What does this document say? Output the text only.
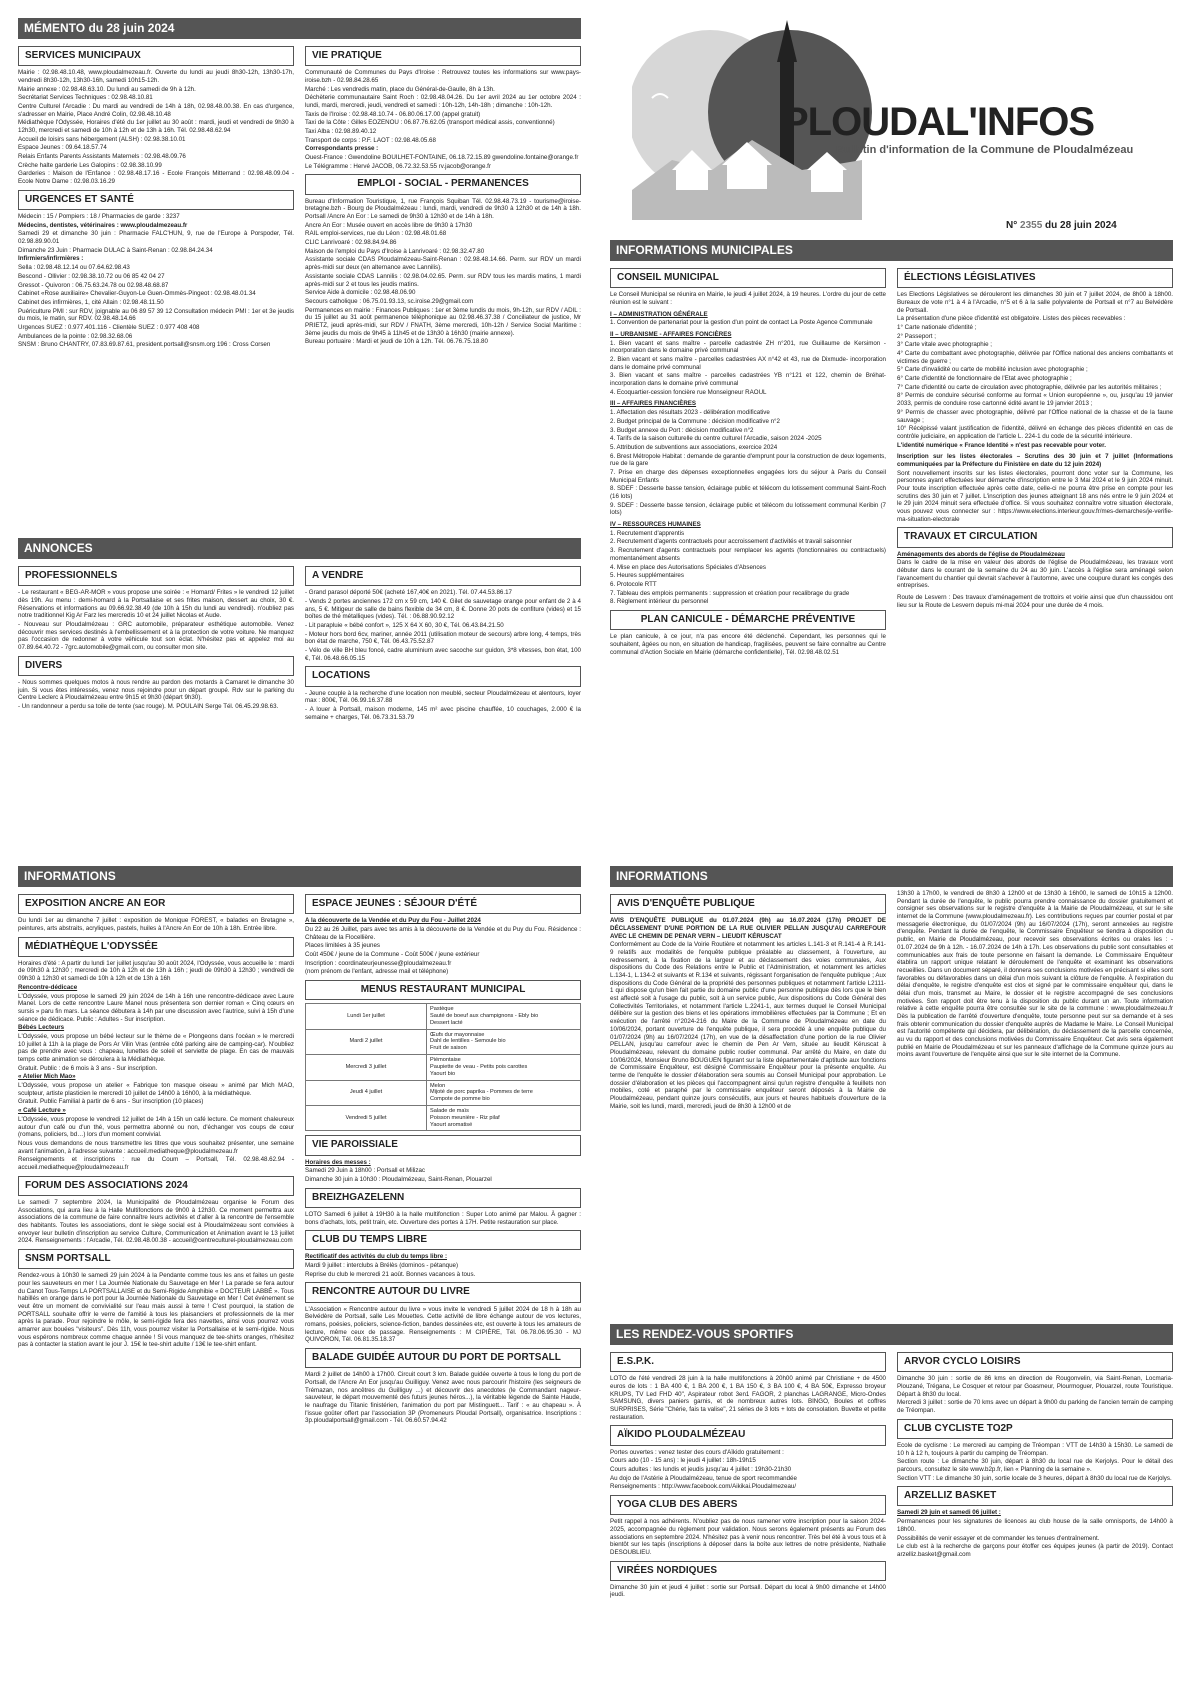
MÉMENTO du 28 juin 2024
SERVICES MUNICIPAUX

Mairie : 02.98.48.10.48, www.ploudalmezeau.fr. Ouverte du lundi au jeudi 8h30-12h, 13h30-17h, vendredi 8h30-12h, 13h30-16h, samedi 10h15-12h.

Mairie annexe : 02.98.48.63.10. Du lundi au samedi de 9h à 12h.

Secrétariat Services Techniques : 02.98.48.10.81

Centre Culturel l'Arcadie : Du mardi au vendredi de 14h à 18h, 02.98.48.00.38. En cas d'urgence, s'adresser en Mairie, Place André Colin, 02.98.48.10.48

Médiathèque l'Odyssée, Horaires d'été du 1er juillet au 30 août : mardi, jeudi et vendredi de 9h30 à 12h30, mercredi et samedi de 10h à 12h et de 13h à 16h. Tél. 02.98.48.62.94

Accueil de loisirs sans hébergement (ALSH) : 02.98.38.10.01

Espace Jeunes : 09.64.18.57.74

Relais Enfants Parents Assistants Maternels : 02.98.48.09.76

Crèche halte garderie Les Galopins : 02.98.38.10.99

Garderies : Maison de l'Enfance : 02.98.48.17.16 - Ecole François Mitterrand : 02.98.48.09.04 - Ecole Notre Dame : 02.98.03.16.29

URGENCES ET SANTÉ

Médecin : 15 / Pompiers : 18 / Pharmacies de garde : 3237

Médecins, dentistes, vétérinaires : www.ploudalmezeau.fr

Samedi 29 et dimanche 30 juin : Pharmacie FALC'HUN, 9, rue de l'Europe à Porspoder, Tél. 02.98.89.90.01

Dimanche 23 Juin : Pharmacie DULAC à Saint-Renan : 02.98.84.24.34

Infirmiers/infirmières :

Sella : 02.98.48.12.14 ou 07.64.62.98.43

Bescond - Ollivier : 02.98.38.10.72 ou 06 85 42 04 27

Gressot - Quivoron : 06.75.63.24.78 ou 02.98.48.68.87

Cabinet «Rose auxiliaire» Chevalier-Guyon-Le Guen-Ommès-Pingeot : 02.98.48.01.34

Cabinet des infirmières, 1, cité Allain : 02.98.48.11.50

Puériculture PMI : sur RDV, joignable au 06 89 57 39 12 Consultation médecin PMI : 1er et 3e jeudis du mois, le matin, sur RDV. 02.98.48.14.66

Urgences SUEZ : 0.977.401.116 - Clientèle SUEZ : 0.977 408 408

Ambulances de la pointe : 02.98.32.68.06

SNSM : Bruno CHANTRY, 07.83.69.87.61, president.portsall@snsm.org 196 : Cross Corsen

VIE PRATIQUE

Communauté de Communes du Pays d'Iroise : Retrouvez toutes les informations sur www.pays-iroise.bzh - 02.98.84.28.65

Marché : Les vendredis matin, place du Général-de-Gaulle, 8h à 13h.

Déchèterie communautaire Saint Roch : 02.98.48.04.26. Du 1er avril 2024 au 1er octobre 2024 : lundi, mardi, mercredi, jeudi, vendredi et samedi : 10h-12h, 14h-18h ; dimanche : 10h-12h.

Taxis de l'Iroise : 02.98.48.10.74 - 06.80.06.17.00 (appel gratuit)

Taxi de la Côte : Gilles EOZENOU : 06.87.76.62.05 (transport médical assis, conventionné)

Taxi Alba : 02.98.89.40.12

Transport de corps : P.F. LAOT : 02.98.48.05.68

Correspondants presse :

Ouest-France : Gwendoline BOUILHET-FONTAINE, 06.18.72.15.89 gwendoline.fontaine@orange.fr

Le Télégramme : Hervé JACOB, 06.72.32.53.55 rv.jacob@orange.fr

EMPLOI - SOCIAL - PERMANENCES

Bureau d'Information Touristique, 1, rue François Squiban Tél. 02.98.48.73.19 - tourisme@iroise-bretagne.bzh - Bourg de Ploudalmézeau : lundi, mardi, vendredi de 9h30 à 12h30 et de 14h à 18h. Portsall /Ancre An Eor : Le samedi de 9h30 à 12h30 et de 14h à 18h.

Ancre An Eor : Musée ouvert en accès libre de 9h30 à 17h30

RAIL emploi-services, rue du Léon : 02.98.48.01.68

CLIC Lanrivoaré : 02.98.84.94.86

Maison de l'emploi du Pays d'Iroise à Lanrivoaré : 02.98.32.47.80

Assistante sociale CDAS Ploudalmézeau-Saint-Renan : 02.98.48.14.66. Perm. sur RDV un mardi après-midi sur deux (en alternance avec Lannilis).

Assistante sociale CDAS Lannilis : 02.98.04.02.65. Perm. sur RDV tous les mardis matins, 1 mardi après-midi sur 2 et tous les jeudis matins.

Service Aide à domicile : 02.98.48.06.90

Secours catholique : 06.75.01.93.13, sc.iroise.29@gmail.com

Permanences en mairie : Finances Publiques : 1er et 3ème lundis du mois, 9h-12h, sur RDV / ADIL : du 15 juillet au 31 août permanence téléphonique au 02.98.46.37.38 / Conciliateur de justice, Mr PRIETZ, jeudi après-midi, sur RDV / FNATH, 3ème mercredi, 10h-12h / Service Social Maritime : 3ème jeudis du mois de 9h45 à 11h45 et de 13h30 à 16h30 (mairie annexe).

Bureau portuaire : Mardi et jeudi de 10h à 12h. Tél. 06.76.75.18.80

ANNONCES
PROFESSIONNELS

- Le restaurant « BEG-AR-MOR » vous propose une soirée : « Homard/ Frites » le vendredi 12 juillet dès 19h. Au menu : demi-homard à la Portsallaise et ses frites maison, dessert au choix, 30 €. Réservations et informations au 09.66.92.38.49 (de 10h à 15h du lundi au vendredi). n'oubliez pas notre traditionnel Kig Ar Farz les mercredis 10 et 24 juillet Nicolas et Aude.

- Nouveau sur Ploudalmézeau : GRC automobile, préparateur esthétique automobile. Venez découvrir mes services destinés à l'embellissement et à la protection de votre voiture. Ne manquez pas l'occasion de redonner à votre véhicule tout son éclat. N'hésitez pas et appelez moi au 07.89.64.40.72 - 7grc.automobile@gmail.com, ou consulter mon site.

DIVERS

- Nous sommes quelques motos à nous rendre au pardon des motards à Camaret le dimanche 30 juin. Si vous êtes intéressés, venez nous rejoindre pour un départ groupé. Rdv sur le parking du Centre Leclerc à Ploudalmézeau entre 9h15 et 9h30 (départ 9h30).

- Un randonneur a perdu sa toile de tente (sac rouge). M. POULAIN Serge Tél. 06.45.29.98.63.

A VENDRE

- Grand parasol déporté 50€ (acheté 167,40€ en 2021). Tél. 07.44.53.86.17

- Vends 2 portes anciennes 172 cm x 59 cm, 140 €. Gilet de sauvetage orange pour enfant de 2 à 4 ans, 5 €. Mitigeur de salle de bains flexible de 34 cm, 8 €. Donne 20 pots de confiture (vides) et 15 boîtes de thé métalliques (vides). Tél. : 06.88.90.92.12

- Lit parapluie « bébé confort », 125 X 64 X 60, 30 €, Tél. 06.43.84.21.50

- Moteur hors bord 6cv, mariner, année 2011 (utilisation moteur de secours) arbre long, 4 temps, très bon état de marche, 750 €, Tél. 06.43.75.52.87

- Vélo de ville BH bleu foncé, cadre aluminium avec sacoche sur guidon, 3*8 vitesses, bon état, 100 €, Tél. 06.48.66.05.15

LOCATIONS

- Jeune couple à la recherche d'une location non meublé, secteur Ploudalmézeau et alentours, loyer max : 800€, Tél. 06.99.16.37.88

- A louer à Portsall, maison moderne, 145 m² avec piscine chauffée, 10 couchages, 2.000 € la semaine + charges, Tél. 06.73.31.53.79

PLOUDAL'INFOS
Bulletin d'information de la Commune de Ploudalmézeau
N° 2355 du 28 juin 2024
INFORMATIONS MUNICIPALES
CONSEIL MUNICIPAL

Le Conseil Municipal se réunira en Mairie, le jeudi 4 juillet 2024, à 19 heures. L'ordre du jour de cette réunion est le suivant :

I – ADMINISTRATION GÉNÉRALE

1. Convention de partenariat pour la gestion d'un point de contact La Poste Agence Communale

II – URBANISME - AFFAIRES FONCIÈRES

1. Bien vacant et sans maître - parcelle cadastrée ZH n°201, rue Guillaume de Kersimon - incorporation dans le domaine privé communal

2. Bien vacant et sans maître - parcelles cadastrées AX n°42 et 43, rue de Dixmude- incorporation dans le domaine privé communal

3. Bien vacant et sans maître - parcelles cadastrées YB n°121 et 122, chemin de Bréhat- incorporation dans le domaine privé communal

4. Ecoquartier-cession foncière rue Monseigneur RAOUL

III – AFFAIRES FINANCIÈRES

1. Affectation des résultats 2023 - délibération modificative

2. Budget principal de la Commune : décision modificative n°2

3. Budget annexe du Port : décision modificative n°2

4. Tarifs de la saison culturelle du centre culturel l'Arcadie, saison 2024 -2025

5. Attribution de subventions aux associations, exercice 2024

6. Brest Métropole Habitat : demande de garantie d'emprunt pour la construction de deux logements, rue de la gare

7. Prise en charge des dépenses exceptionnelles engagées lors du séjour à Paris du Conseil Municipal Enfants

8. SDEF : Desserte basse tension, éclairage public et télécom du lotissement communal Saint-Roch (16 lots)

9. SDEF : Desserte basse tension, éclairage public et télécom du lotissement communal Keribin (7 lots)

IV – RESSOURCES HUMAINES

1. Recrutement d'apprentis

2. Recrutement d'agents contractuels pour accroissement d'activités et travail saisonnier

3. Recrutement d'agents contractuels pour remplacer les agents (fonctionnaires ou contractuels) momentanément absents

4. Mise en place des Autorisations Spéciales d'Absences

5. Heures supplémentaires

6. Protocole RTT

7. Tableau des emplois permanents : suppression et création pour recalibrage du grade

8. Règlement intérieur du personnel

PLAN CANICULE - DÉMARCHE PRÉVENTIVE
Le plan canicule, à ce jour, n'a pas encore été déclenché. Cependant, les personnes qui le souhaitent, âgées ou non, en situation de handicap, fragilisées, peuvent se faire connaître au Centre communal d'Action Sociale en Mairie (démarche confidentielle), Tél. 02.98.48.02.51
ÉLECTIONS LÉGISLATIVES

Les Elections Législatives se dérouleront les dimanches 30 juin et 7 juillet 2024, de 8h00 à 18h00. Bureaux de vote n°1 à 4 à l'Arcadie, n°5 et 6 à la salle polyvalente de Portsall et n°7 au Belvédère de Portsall.

La présentation d'une pièce d'identité est obligatoire. Listes des pièces recevables :

1° Carte nationale d'identité ;

2° Passeport ;

3° Carte vitale avec photographie ;

4° Carte du combattant avec photographie, délivrée par l'Office national des anciens combattants et victimes de guerre ;

5° Carte d'invalidité ou carte de mobilité inclusion avec photographie ;

6° Carte d'identité de fonctionnaire de l'Etat avec photographie ;

7° Carte d'identité ou carte de circulation avec photographie, délivrée par les autorités militaires ;

8° Permis de conduire sécurisé conforme au format « Union européenne », ou, jusqu'au 19 janvier 2033, permis de conduire rose cartonné édité avant le 19 janvier 2013 ;

9° Permis de chasser avec photographie, délivré par l'Office national de la chasse et de la faune sauvage ;

10° Récépissé valant justification de l'identité, délivré en échange des pièces d'identité en cas de contrôle judiciaire, en application de l'article L. 224-1 du code de la sécurité intérieure.

L'identité numérique « France Identité » n'est pas recevable pour voter.

Inscription sur les listes électorales – Scrutins des 30 juin et 7 juillet (Informations communiquées par la Préfecture du Finistère en date du 12 juin 2024)

Sont nouvellement inscrits sur les listes électorales, pourront donc voter sur la Commune, les personnes ayant effectuées leur démarche d'inscription entre le 3 Mai 2024 et le 9 juin 2024 minuit. Pour toute inscription effectuée après cette date, celle-ci ne pourra être prise en compte pour les scrutins des 30 juin et 7 juillet. L'inscription des jeunes atteignant 18 ans nés entre le 9 juin 2024 et le 29 juin 2024 minuit sera effectuée d'office. Si vous souhaitez connaître votre situation électorale, vous pouvez vous connecter sur : https://www.elections.interieur.gouv.fr/mes-demarches/je-verifie-ma-situation-electorale

TRAVAUX ET CIRCULATION

Aménagements des abords de l'église de Ploudalmézeau

Dans le cadre de la mise en valeur des abords de l'église de Ploudalmézeau, les travaux vont débuter dans le courant de la semaine du 24 au 30 juin. L'accès à l'église sera aménagé selon l'avancement du chantier qui devrait s'achever à l'automne, avec une coupure durant les congés des entreprises.

Route de Lesvern : Des travaux d'aménagement de trottoirs et voirie ainsi que d'un chaussidou ont lieu sur la Route de Lesvern depuis mi-mai 2024 pour une durée de 4 mois.

INFORMATIONS
EXPOSITION ANCRE AN EOR
Du lundi 1er au dimanche 7 juillet : exposition de Monique FOREST, « balades en Bretagne », peintures, arts abstraits, acryliques, pastels, huiles à l'Ancre An Eor de 10h à 18h. Entrée libre.
MÉDIATHÈQUE L'ODYSSÉE

Horaires d'été : A partir du lundi 1er juillet jusqu'au 30 août 2024, l'Odyssée, vous accueille le : mardi de 09h30 à 12h30 ; mercredi de 10h à 12h et de 13h à 16h ; jeudi de 09h30 à 12h30 ; vendredi de 09h30 à 12h30 et samedi de 10h à 12h et de 13h à 16h

Rencontre-dédicace

L'Odyssée, vous propose le samedi 29 juin 2024 de 14h à 16h une rencontre-dédicace avec Laure Manel. Lors de cette rencontre Laure Manel nous présentera son dernier roman « Cinq cœurs en sursis » paru fin mars. La séance débutera à 14h par une discussion avec l'autrice, suivi à 15h d'une séance de dédicace. Public : Adultes - Sur inscription.

Bébés Lecteurs

L'Odyssée, vous propose un bébé lecteur sur le thème de « Plongeons dans l'océan » le mercredi 10 juillet à 11h à la plage de Pors Ar Vilin Vras (entrée côté parking aire de camping-car). N'oubliez pas de prendre avec vous : chapeau, lunettes de soleil et serviette de plage. En cas de mauvais temps cette animation se déroulera à la Médiathèque.

Gratuit. Public : de 6 mois à 3 ans - Sur inscription.

« Atelier Mich Mao»

L'Odyssée, vous propose un atelier « Fabrique ton masque oiseau » animé par Mich MAO, sculpteur, artiste plasticien le mercredi 10 juillet de 14h00 à 16h00, à la médiathèque.

Gratuit. Public Familial à partir de 6 ans - Sur inscription (10 places)

« Café Lecture »

L'Odyssée, vous propose le vendredi 12 juillet de 14h à 15h un café lecture. Ce moment chaleureux autour d'un café ou d'un thé, vous permettra abonné ou non, d'échanger vos coups de cœur (romans, policiers, bd…) lors d'un moment convivial.

Nous vous demandons de nous transmettre les titres que vous souhaitez présenter, une semaine avant l'animation, à l'adresse suivante : accueil.mediatheque@ploudalmezeau.fr

Renseignements et inscriptions : rue du Coum – Portsall, Tél. 02.98.48.62.94 - accueil.mediatheque@ploudalmezeau.fr

FORUM DES ASSOCIATIONS 2024
Le samedi 7 septembre 2024, la Municipalité de Ploudalmézeau organise le Forum des Associations, qui aura lieu à la Halle Multifonctions de 9h00 à 12h30. Ce moment permettra aux associations de la commune de faire connaître leurs activités et d'aller à la rencontre de l'ensemble des habitants. Toutes les associations, dont le siège social est à Ploudalmézeau sont conviées à envoyer leur bulletin d'inscription au service Culture, Communication et Animation avant le 13 juillet 2024. Renseignements : l'Arcadie, Tél. 02.98.48.00.38 - accueil@centreculturel-ploudalmezeau.com
SNSM PORTSALL
Rendez-vous à 10h30 le samedi 29 juin 2024 à la Pendante comme tous les ans et faites un geste pour les sauveteurs en mer ! La Journée Nationale du Sauvetage en Mer ! La parade se fera autour du Canot Tous-Temps LA PORTSALLAISE et du Semi-Rigide Amphibie « DOCTEUR LABBÉ ». Tous habillés en orange dans le port pour la Journée Nationale du Sauvetage en Mer ! Cet événement se veut être un moment de convivialité sur l'eau mais aussi à terre ! C'est pourquoi, la station de PORTSALL souhaite offrir le verre de l'amitié à tous les plaisanciers et professionnels de la mer après la parade. Pour rejoindre le môle, le semi-rigide fera des navettes, ainsi vous pourrez vous amarrer aux bouées "visiteurs". Dès 11h, vous pourrez visiter la Portsallaise et le semi-rigide. Nous vous espérons nombreux comme chaque année ! Si vous manquez de tee-shirts oranges, n'hésitez pas à contacter la station avant le jour J. 15€ le tee-shirt adulte / 13€ le tee-shirt enfant.
ESPACE JEUNES : SÉJOUR D'ÉTÉ

A la découverte de la Vendée et du Puy du Fou - Juillet 2024

Du 22 au 26 Juillet, pars avec tes amis à la découverte de la Vendée et du Puy du Fou. Résidence : Château de la Flocellière.

Places limitées à 35 jeunes

Coût 450€ / jeune de la Commune - Coût 500€ / jeune extérieur

Inscription : coordinateurjeunesse@ploudalmezeau.fr

(nom prénom de l'enfant, adresse mail et téléphone)

MENUS RESTAURANT MUNICIPAL
Lundi 1er juillet	Pastèque
Sauté de boeuf aux champignons - Ebly bio
Dessert lacté

Mardi 2 juillet	Œufs dur mayonnaise
Dahl de lentilles - Semoule bio
Fruit de saison

Mercredi 3 juillet	Piémontaise
Paupiette de veau - Petits pois carottes
Yaourt bio

Jeudi 4 juillet	Melon
Mijoté de porc paprika - Pommes de terre
Compote de pomme bio

Vendredi 5 juillet	Salade de maïs
Poisson meunière - Riz pilaf
Yaourt aromatisé
VIE PAROISSIALE

Horaires des messes :

Samedi 29 Juin à 18h00 : Portsall et Milizac

Dimanche 30 juin à 10h30 : Ploudalmézeau, Saint-Renan, Plouarzel

BREIZHGAZELENN
LOTO Samedi 6 juillet à 19H30 à la halle multifonction : Super Loto animé par Malou. À gagner : bons d'achats, lots, petit train, etc. Ouverture des portes à 17H. Petite restauration sur place.
CLUB DU TEMPS LIBRE

Rectificatif des activités du club du temps libre :

Mardi 9 juillet : interclubs à Brélès (dominos - pétanque)

Reprise du club le mercredi 21 août. Bonnes vacances à tous.

RENCONTRE AUTOUR DU LIVRE
L'Association « Rencontre autour du livre » vous invite le vendredi 5 juillet 2024 de 18 h à 18h au Belvédère de Portsall, salle Les Mouettes. Cette activité de libre échange autour de vos lectures, romans, poésies, policiers, science-fiction, bandes dessinées etc, est ouverte à tous les amateurs de lecture, même ceux de passage. Renseignements : M CIPIÈRE, Tél. 06.78.06.95.30 - MJ QUIVORON, Tél. 06.81.35.18.37
BALADE GUIDÉE AUTOUR DU PORT DE PORTSALL
Mardi 2 juillet de 14h00 à 17h00. Circuit court 3 km. Balade guidée ouverte à tous le long du port de Portsall, de l'Ancre An Eor jusqu'au Guilliguy. Venez avec nous parcourir l'histoire (les seigneurs de Trémazan, nos ancêtres du Guilliguy ...) et découvrir des anecdotes (le Commandant nageur-sauveteur, le départ mouvementé des futurs jeunes héros...), la véritable légende de Sainte Haude, le naufrage du Titanic finistérien, l'animation du port par Mistinguett... Tarif : « au chapeau ». À l'issue goûter offert par l'association 3P (Promeneurs Ploudal Portsall), organisatrice. Inscriptions : 3p.ploudalportsall@gmail.com - Tél. 06.60.57.94.42
INFORMATIONS
AVIS D'ENQUÊTE PUBLIQUE

AVIS D'ENQUÊTE PUBLIQUE du 01.07.2024 (9h) au 16.07.2024 (17h) PROJET DE DÉCLASSEMENT D'UNE PORTION DE LA RUE OLIVIER PELLAN JUSQU'AU CARREFOUR AVEC LE CHEMIN DE PENAR VERN – LIEUDIT KÉRUSCAT

Conformément au Code de la Voirie Routière et notamment les articles L.141-3 et R.141-4 à R.141-9 relatifs aux modalités de l'enquête publique préalable au classement, à l'ouverture, au redressement, à la fixation de la largeur et au déclassement des voies communales, Aux dispositions du Code des Relations entre le Public et l'Administration, et notamment les articles L.134-1, L.134-2 et suivants et R.134 et suivants, régissant l'organisation de l'enquête publique ; Aux dispositions du Code Général de la propriété des personnes publiques et notamment l'article L2111-1 qui dispose qu'un bien fait partie du domaine public d'une personne publique dès lors que le bien est affecté soit à l'usage du public, soit à un service public, Aux dispositions du Code Général des Collectivités Territoriales, et notamment l'article L.2241-1, aux termes duquel le Conseil Municipal délibère sur la gestion des biens et les opérations immobilières effectuées par la Commune ; Et en exécution de l'arrêté n°2024-216 du Maire de la Commune de Ploudalmézeau en date du 10/06/2024, portant ouverture de l'enquête publique, il sera procédé à une enquête publique du 01/07/2024 (9h) au 16/07/2024 (17h), en vue de la désaffectation d'une portion de la rue Olivier PELLAN, jusqu'au carrefour avec le chemin de Pen Ar Vern, située au lieudit Kéruscat à Ploudalmézeau, relevant du domaine public routier communal. Par arrêté du Maire, en date du 10/06/2024, Monsieur Bruno BOUGUEN figurant sur la liste départementale d'aptitude aux fonctions de Commissaire Enquêteur, est désigné Commissaire Enquêteur pour la présente enquête. Au terme de l'enquête le dossier d'élaboration sera soumis au Conseil Municipal pour approbation. Le dossier d'élaboration et les pièces qui l'accompagnent ainsi qu'un registre d'enquête à feuillets non mobiles, coté et paraphé par le commissaire enquêteur seront déposés à la Mairie de Ploudalmézeau, pendant quinze jours consécutifs, aux jours et heures habituels d'ouverture de la Mairie, soit les lundi, mardi, mercredi, jeudi de 8h30 à 12h00 et de

13h30 à 17h00, le vendredi de 8h30 à 12h00 et de 13h30 à 16h00, le samedi de 10h15 à 12h00. Pendant la durée de l'enquête, le public pourra prendre connaissance du dossier gratuitement et consigner ses observations sur le registre d'enquête à la Mairie de Ploudalmézeau, et sur le site internet de la Commune (www.ploudalmezeau.fr). Les contributions reçues par courrier postal et par messagerie électronique, du 01/07/2024 (9h) au 16/07/2024 (17h), seront annexées au registre d'enquête. Pendant la durée de l'enquête, le Commissaire Enquêteur se tiendra à disposition du public, en Mairie de Ploudalmézeau, pour recevoir ses observations écrites ou orales les : - 01.07.2024 de 9h à 12h. - 16.07.2024 de 14h à 17h. Les observations du public sont consultables et communicables aux frais de toute personne en faisant la demande. Le Commissaire Enquêteur établira un rapport unique relatant le déroulement de l'enquête et examinant les observations recueillies. Dans un document séparé, il donnera ses conclusions motivées en précisant si elles sont favorables ou défavorables dans un délai d'un mois suivant la clôture de l'enquête. À l'expiration du délai d'enquête, le registre d'enquête est clos et signé par le commissaire enquêteur qui, dans le délai d'un mois, transmet au Maire, le dossier et le registre accompagné de ses conclusions motivées. Son rapport doit être tenu à la disposition du public durant un an. Toute information relative à cette enquête pourra être consultée sur le site de la commune : www.ploudalmezeau.fr Dès la publication de l'arrêté d'ouverture d'enquête, toute personne peut sur sa demande et à ses frais obtenir communication du dossier d'enquête auprès de Madame le Maire. Le Conseil Municipal est l'autorité compétente qui décidera, par délibération, du déclassement de la parcelle concernée, au vu du rapport et des conclusions motivées du Commissaire Enquêteur. Cet avis sera également publié en Mairie de Ploudalmézeau et sur les panneaux d'affichage de la Commune quinze jours au moins avant l'ouverture de l'enquête ainsi que sur le site internet de la Commune.
LES RENDEZ-VOUS SPORTIFS
E.S.P.K.
LOTO de l'été vendredi 28 juin à la halle multifonctions à 20h00 animé par Christiane + de 4500 euros de lots : 1 BA 400 €, 1 BA 200 €, 1 BA 150 €, 3 BA 100 €, 4 BA 50€, Expresso broyeur KRUPS, TV Led FHD 40", Aspirateur robot 3en1 FAGOR, 2 planchas LAGRANGE, Micro-Ondes SAMSUNG, divers paniers garnis, et de nombreux autres lots. BINGO, Boules et coffres SURPRISES, Série "Chérie, fais ta valise", 21 séries de 3 lots + lots de consolation. Buvette et petite restauration.
AÏKIDO PLOUDALMÉZEAU

Portes ouvertes : venez tester des cours d'Aïkido gratuitement :

Cours ado (10 - 15 ans) : le jeudi 4 juillet : 18h-19h15

Cours adultes : les lundis et jeudis jusqu'au 4 juillet : 19h30-21h30

Au dojo de l'Astérie à Ploudalmézeau, tenue de sport recommandée

Renseignements : http://www.facebook.com/Aikikai.Ploudalmezeau/

YOGA CLUB DES ABERS
Petit rappel à nos adhérents. N'oubliez pas de nous ramener votre inscription pour la saison 2024-2025, accompagnée du règlement pour validation. Nous serons également présents au Forum des associations en septembre 2024. N'hésitez pas à venir nous rencontrer. Très bel été à vous tous et à bientôt sur les tapis (inscriptions à déposer dans la boîte aux lettres de notre présidente, Nathalie DESOUBLIEU.
VIRÉES NORDIQUES
Dimanche 30 juin et jeudi 4 juillet : sortie sur Portsall. Départ du local à 9h00 dimanche et 14h00 jeudi.
ARVOR CYCLO LOISIRS

Dimanche 30 juin : sortie de 86 kms en direction de Rougonvelin, via Saint-Renan, Locmaria-Plouzané, Trégana, Le Cosquer et retour par Goasmeur, Plourmoguer, Plouarzel, route Touristique. Départ à 8h30 du local.

Mercredi 3 juillet : sortie de 70 kms avec un départ à 9h00 du parking de l'ancien terrain de camping de Tréompan.

CLUB CYCLISTE TO2P

Ecole de cyclisme : Le mercredi au camping de Tréompan : VTT de 14h30 à 15h30. Le samedi de 10 h à 12 h, toujours à partir du camping de Tréompan.

Section route : Le dimanche 30 juin, départ à 8h30 du local rue de Kerjolys. Pour le détail des parcours, consultez le site www.b2p.fr, lien « Planning de la semaine ».

Section VTT : Le dimanche 30 juin, sortie locale de 3 heures, départ à 8h30 du local rue de Kerjolys.

ARZELLIZ BASKET

Samedi 29 juin et samedi 06 juillet :

Permanences pour les signatures de licences au club house de la salle omnisports, de 14h00 à 18h00.

Possibilités de venir essayer et de commander les tenues d'entraînement.

Le club est à la recherche de garçons pour étoffer ces équipes jeunes (à partir de 2019). Contact arzelliz.basket@gmail.com
